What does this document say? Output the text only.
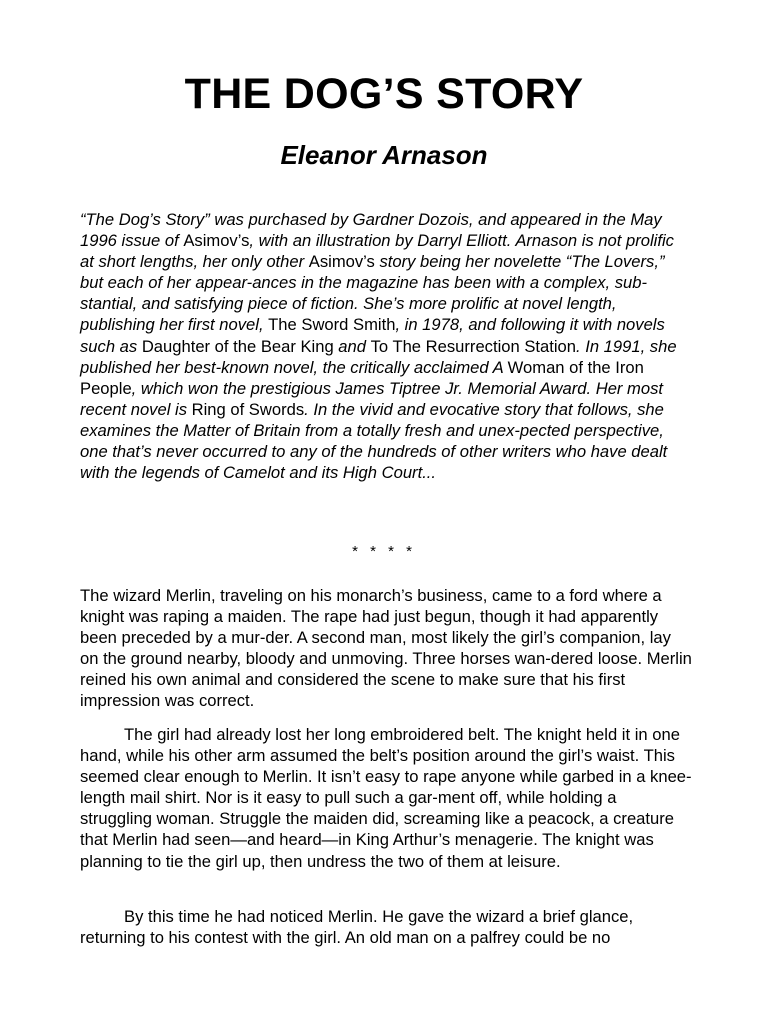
THE DOG’S STORY
Eleanor Arnason

“The Dog’s Story” was purchased by Gardner Dozois, and appeared in the May 1996 issue of Asimov’s, with an illustration by Darryl Elliott. Arnason is not prolific at short lengths, her only other Asimov’s story being her novelette “The Lovers,” but each of her appear-ances in the magazine has been with a complex, sub-stantial, and satisfying piece of fiction. She’s more prolific at novel length, publishing her first novel, The Sword Smith, in 1978, and following it with novels such as Daughter of the Bear King and To The Resurrection Station. In 1991, she published her best-known novel, the critically acclaimed A Woman of the Iron People, which won the prestigious James Tiptree Jr. Memorial Award. Her most recent novel is Ring of Swords. In the vivid and evocative story that follows, she examines the Matter of Britain from a totally fresh and unex-pected perspective, one that’s never occurred to any of the hundreds of other writers who have dealt with the legends of Camelot and its High Court...

* * * *

The wizard Merlin, traveling on his monarch’s business, came to a ford where a knight was raping a maiden. The rape had just begun, though it had apparently been preceded by a mur-der. A second man, most likely the girl’s companion, lay on the ground nearby, bloody and unmoving. Three horses wan-dered loose. Merlin reined his own animal and considered the scene to make sure that his first impression was correct.

The girl had already lost her long embroidered belt. The knight held it in one hand, while his other arm assumed the belt’s position around the girl’s waist. This seemed clear enough to Merlin. It isn’t easy to rape anyone while garbed in a knee-length mail shirt. Nor is it easy to pull such a gar-ment off, while holding a struggling woman. Struggle the maiden did, screaming like a peacock, a creature that Merlin had seen—and heard—in King Arthur’s menagerie. The knight was planning to tie the girl up, then undress the two of them at leisure.

By this time he had noticed Merlin. He gave the wizard a brief glance, returning to his contest with the girl. An old man on a palfrey could be no
